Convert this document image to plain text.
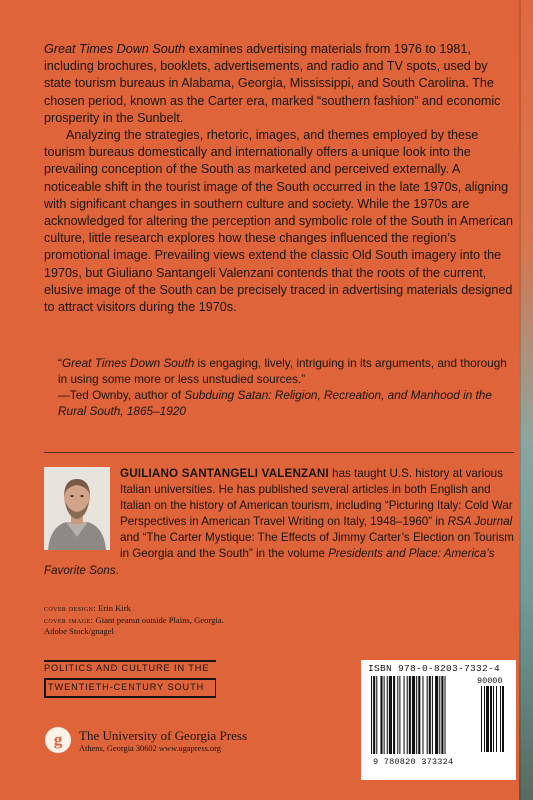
Great Times Down South examines advertising materials from 1976 to 1981, including brochures, booklets, advertisements, and radio and TV spots, used by state tourism bureaus in Alabama, Georgia, Mississippi, and South Carolina. The chosen period, known as the Carter era, marked “southern fashion” and economic prosperity in the Sunbelt.

Analyzing the strategies, rhetoric, images, and themes employed by these tourism bureaus domestically and internationally offers a unique look into the prevailing conception of the South as marketed and perceived externally. A noticeable shift in the tourist image of the South occurred in the late 1970s, aligning with significant changes in southern culture and society. While the 1970s are acknowledged for altering the perception and symbolic role of the South in American culture, little research explores how these changes influenced the region’s promotional image. Prevailing views extend the classic Old South imagery into the 1970s, but Giuliano Santangeli Valenzani contends that the roots of the current, elusive image of the South can be precisely traced in advertising materials designed to attract visitors during the 1970s.

“Great Times Down South is engaging, lively, intriguing in its arguments, and thorough in using some more or less unstudied sources.”
—Ted Ownby, author of Subduing Satan: Religion, Recreation, and Manhood in the Rural South, 1865–1920
GUILIANO SANTANGELI VALENZANI has taught U.S. history at various Italian universities. He has published several articles in both English and Italian on the history of American tourism, including “Picturing Italy: Cold War Perspectives in American Travel Writing on Italy, 1948–1960” in RSA Journal and “The Carter Mystique: The Effects of Jimmy Carter’s Election on Tourism in Georgia and the South” in the volume Presidents and Place: America’s Favorite Sons.
cover design: Erin Kirk
cover image: Giant peanut outside Plains, Georgia.
Adobe Stock/gnagel
POLITICS AND CULTURE IN THE
TWENTIETH-CENTURY SOUTH
g The University of Georgia Press
Athens, Georgia 30602 www.ugapress.org
ISBN 978-0-8203-7332-4
90000
9 780820 373324
